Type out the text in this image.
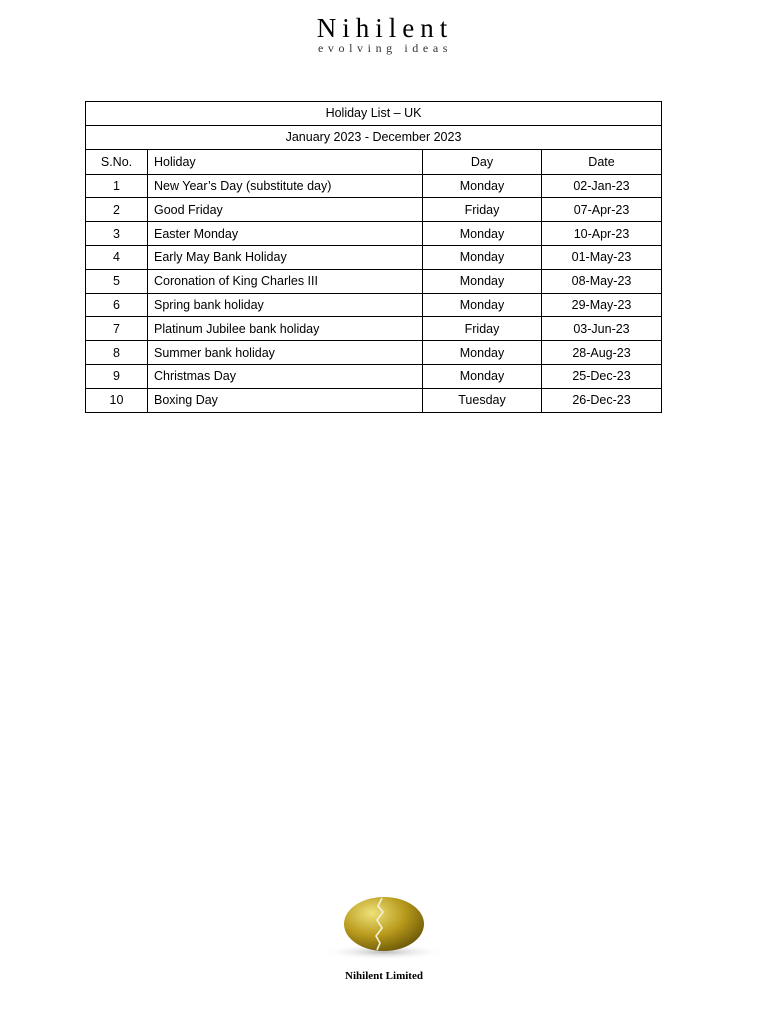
Nihilent
evolving ideas
Holiday List – UK			
January 2023 - December 2023			
S.No.	Holiday	Day	Date
1	New Year’s Day (substitute day)	Monday	02-Jan-23
2	Good Friday	Friday	07-Apr-23
3	Easter Monday	Monday	10-Apr-23
4	Early May Bank Holiday	Monday	01-May-23
5	Coronation of King Charles III	Monday	08-May-23
6	Spring bank holiday	Monday	29-May-23
7	Platinum Jubilee bank holiday	Friday	03-Jun-23
8	Summer bank holiday	Monday	28-Aug-23
9	Christmas Day	Monday	25-Dec-23
10	Boxing Day	Tuesday	26-Dec-23
Nihilent Limited
